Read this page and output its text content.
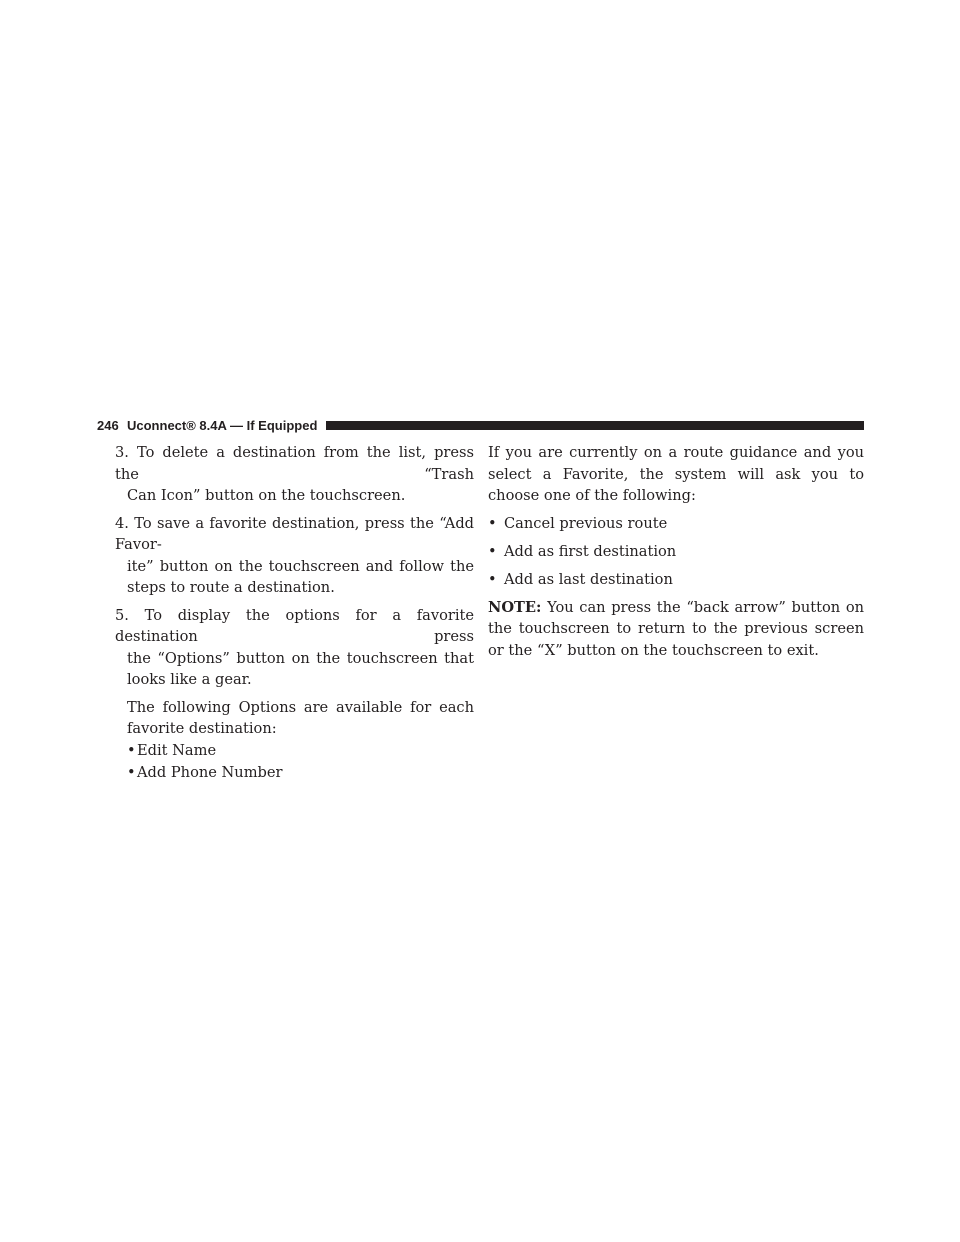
246 Uconnect® 8.4A — If Equipped
3. To delete a destination from the list, press the “Trash
Can Icon” button on the touchscreen.
4. To save a favorite destination, press the “Add Favor-
ite” button on the touchscreen and follow the steps to route a destination.
5. To display the options for a favorite destination press
the “Options” button on the touchscreen that looks like a gear.

The following Options are available for each favorite destination:

• Edit Name
• Add Phone Number

If you are currently on a route guidance and you select a Favorite, the system will ask you to choose one of the following:

• Cancel previous route
• Add as first destination
• Add as last destination

NOTE: You can press the “back arrow” button on the touchscreen to return to the previous screen or the “X” button on the touchscreen to exit.
